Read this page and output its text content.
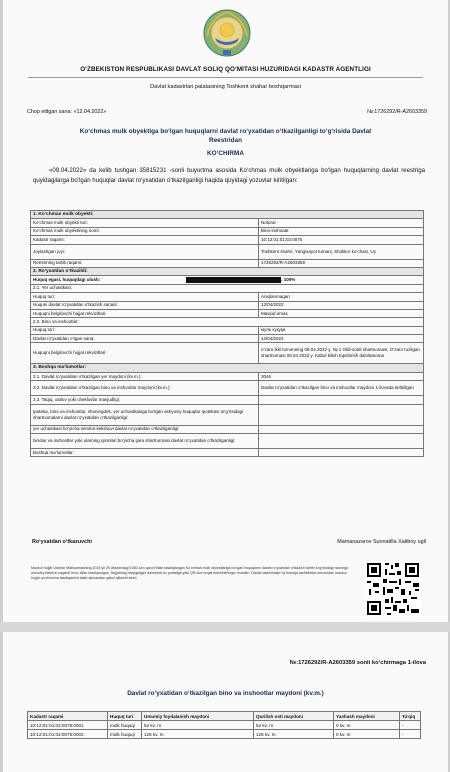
O‘ZBEKISTON RESPUBLIKASI DAVLAT SOLIQ QO‘MITASI HUZURIDAGI KADASTR AGENTLIGI
Davlat kadastrlari palatasining Toshkent shahar boshqarmasi
Chop etilgan sana: «12.04.2022»	№:1726292/R-A2603359
Ko‘chmas mulk obyektiga bo‘lgan huquqlarni davlat ro‘yxatidan o‘tkazilganligi to‘g‘risida Davlat
Reestridan
KO‘CHIRMA
«09.04.2022» da kelib tushgan 35815231 -sonli buyurtma asosida Ko‘chmas mulk obyektlariga bo‘lgan huquqlarning davlat reestriga quyidagilarga bo‘lgan huquqlar davlat ro‘yxatidan o‘tkazilganligi haqida quyidagi yozuvlar kiritilgan:
1. Ko‘chmas mulk obyekti:	
Ko‘chmas mulk obyekti turi:	Noturar
Ko‘chmas mulk obyektining nomi:	Bino-inshoaat
Kadastr raqami:	10:12:01:01:02:0075
Joylashgan joyi:	Toshkent shahri, Yangixayot tumani, Sholikor ko‘chasi, Uy
Reestrning tartib raqami:	1726292/R-A2603359
2. Ro‘yxatdan o‘tkazildi:	
Huquq egasi, huquqdagi ulush: , 100%	
2.1. Yer uchastkasi:	
Huquq turi:	Aniqlanmagan
Huquni davlat ro‘yxatidan o‘tkazish sanasi:	12/04/2022
Huquqni belgilovchi hujjat rekvizitlari:	Mavjud emas
2.2. Bino va inshootlar:	
Huquq turi:	мулк хуқуқи
Davlat ro‘yxatidan o‘tgan sana:	12/04/2022
Huquqni belgilovchi hujjat rekvizitlari:	o‘zaro ikki tomonning 08.04.2022 y. № 1 Oldi-sotdi shartnomasi, O‘zaro tuzilgan shartnomasi 08.04.2022 y. Kabul kilish topshirish dalolatnoma
3. Boshqa ma’lumotlar:	
3.1. Davlat ro‘yxatidan o‘tkazilgan yer maydoni (kv.m.):	3046
3.2. Davlat ro‘yxatidan o‘tkazilgan bino va inshootlar maydoni (kv.m.):	Davlat ro‘yxatidan o‘tkazilgan bino va inshootlar maydoni 1-ilovada keltirilgan
3.3. Taqiq, xatlov yoki cheklovlar mavjudligi:	
Ipoteka, bino va inshootlar, shuningdek, yer uchastkasiga bo‘lgan ashyoviy huquqlar ipotekasi to‘g‘risidagi shartnomalarni davlat ro‘yxatidan o‘tkazilganligi:	
yer uchastkasi bo‘yicha servitut kelishuvi davlat ro‘yxatidan o‘tkazilganligi:	
binolar va inshootlar yoki ularning qismlari bo‘yicha ijara shartnomasi davlat ro‘yxatidan o‘tkazilganligi:	
Boshqa ma’lumotlar:	
Ro‘yxatdan o‘tkazuvchi	Mamanazarov Sunnatilla Xaitboy ugli
Mazkur hujjat Vazirlar Mahkamasining 2018 yil 29 dekabrdagi 1060-son qarori bilan tasdiqlangan Ko‘chmas mulk obyektlariga bo‘lgan huquqlarni davlat ro‘yxatidan o‘tkazish tartibi to‘g‘risidagi nizomga muvofiq elektron raqamli imzo bilan tasdiqlangan. Hujjatning haqiqiyligini davreestr.uz portaliga yoki QR-kod orqali tekshirishingiz mumkin. Davlat tashkilotlari va boshqa tashkilotlar tomonidan mazkur hujjat qo‘shimcha tasdiqlashni talab qilmasdan qabul qilinishi shart.
№:1726292/R-A2603359 sonli ko‘chirmaga 1-ilova
Davlat ro‘yxatidan o‘tkazilgan bino va inshootlar maydoni (kv.m.)
Kadastr raqami	Huquq turi	Umumiy foydalanish maydoni	Qurilish osti maydoni	Yashash maydoni	Ta‘qiq
10:12:01:01:02:0075:0001	mulk huquqi	54 kv. m	54 kv. m	0 kv. m	-
10:12:01:01:02:0075:0002	mulk huquqi	126 kv. m	126 kv. m	0 kv. m	-
